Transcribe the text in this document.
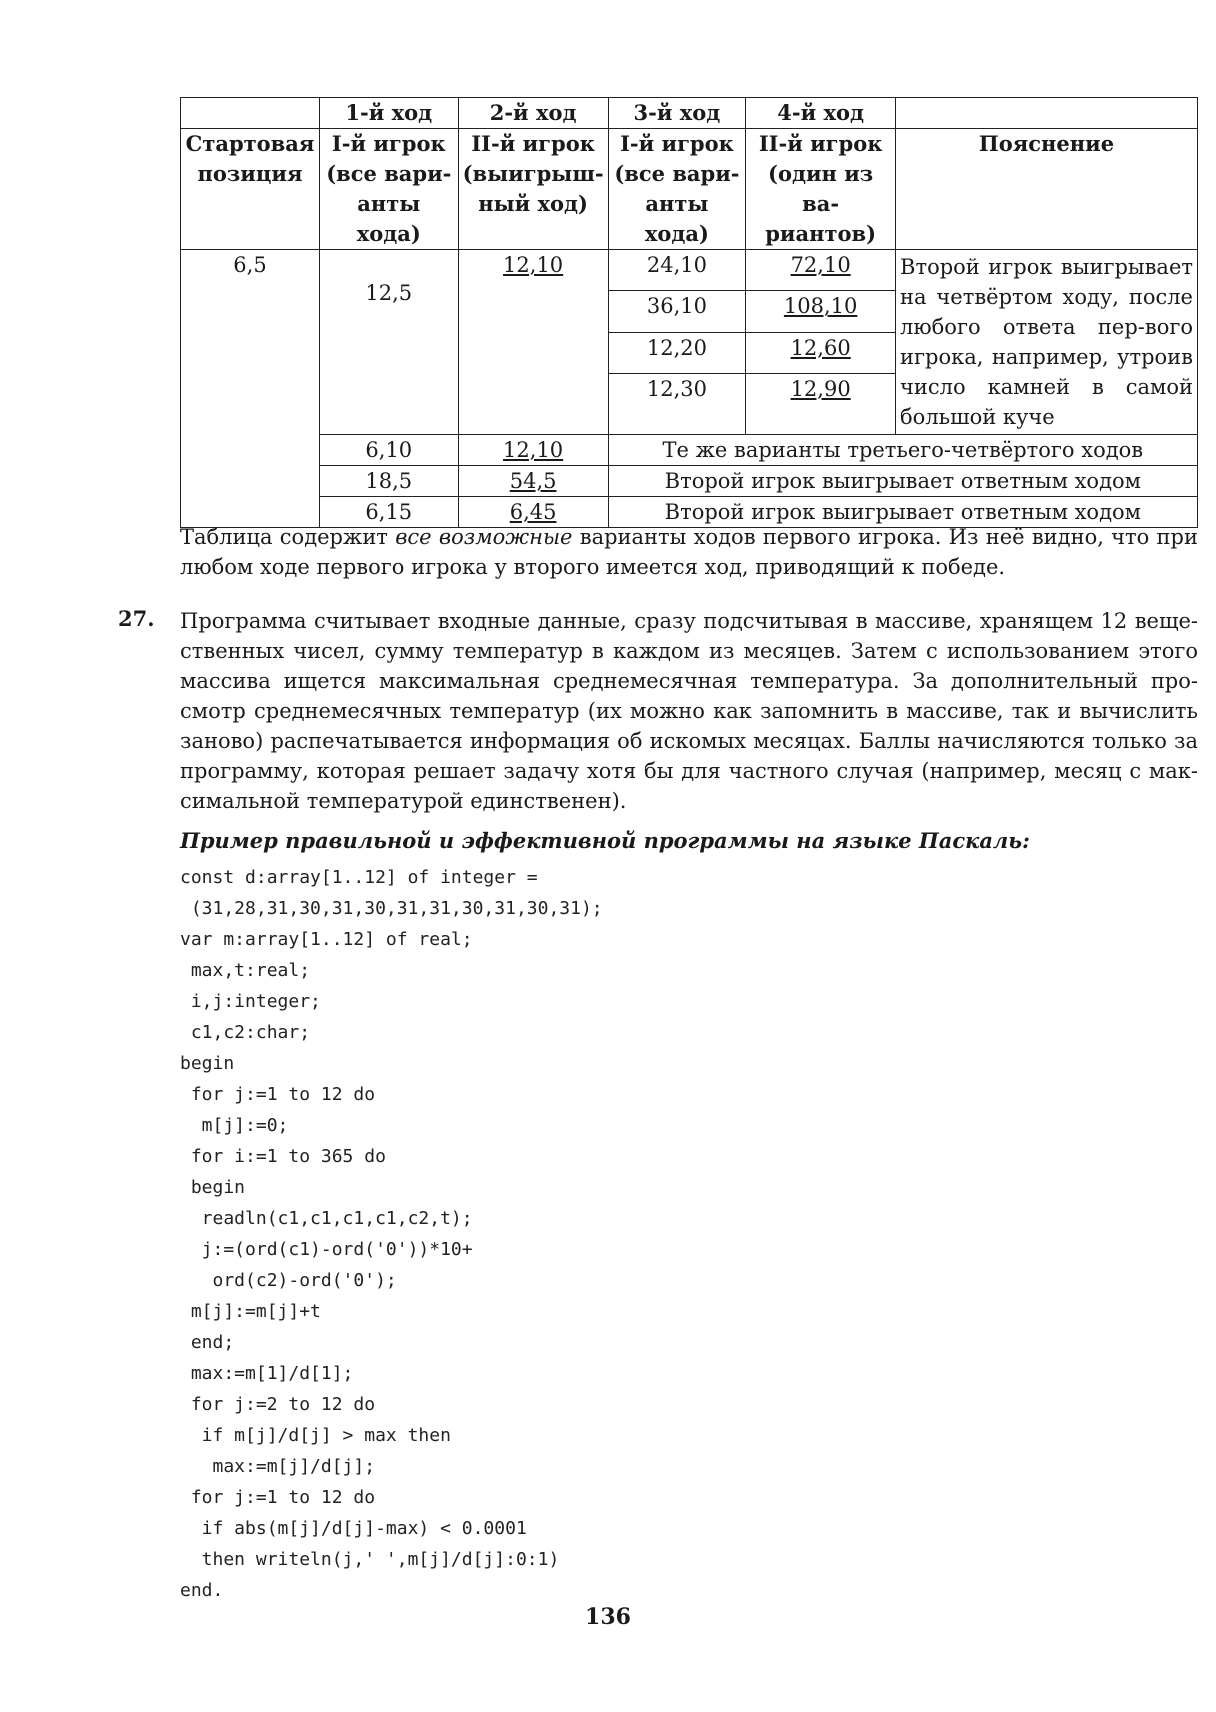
	1-й ход	2-й ход	3-й ход	4-й ход	
Стартовая позиция	I-й игрок (все вари-анты хода)	II-й игрок (выигрыш-ный ход)	I-й игрок (все вари-анты хода)	II-й игрок (один из ва-риантов)	Пояснение
6,5	12,5	12,10	24,10	72,10	Второй игрок выигрывает на четвёртом ходу, после любого ответа пер-вого игрока, например, утроив число камней в самой большой куче
			36,10	108,10	
			12,20	12,60	
			12,30	12,90	
	6,10	12,10	Те же варианты третьего-четвёртого ходов		
	18,5	54,5	Второй игрок выигрывает ответным ходом		
	6,15	6,45	Второй игрок выигрывает ответным ходом		
Таблица содержит все возможные варианты ходов первого игрока. Из неё видно, что при любом ходе первого игрока у второго имеется ход, приводящий к победе.
27. Программа считывает входные данные, сразу подсчитывая в массиве, хранящем 12 веще-ственных чисел, сумму температур в каждом из месяцев. Затем с использованием этого массива ищется максимальная среднемесячная температура. За дополнительный про-смотр среднемесячных температур (их можно как запомнить в массиве, так и вычислить заново) распечатывается информация об искомых месяцах. Баллы начисляются только за программу, которая решает задачу хотя бы для частного случая (например, месяц с мак-симальной температурой единственен).
Пример правильной и эффективной программы на языке Паскаль:
const d:array[1..12] of integer =
(31,28,31,30,31,30,31,31,30,31,30,31);
var m:array[1..12] of real;
max,t:real;
i,j:integer;
c1,c2:char;
begin
for j:=1 to 12 do
m[j]:=0;
for i:=1 to 365 do
begin
readln(c1,c1,c1,c1,c2,t);
j:=(ord(c1)-ord('0'))*10+
ord(c2)-ord('0');
m[j]:=m[j]+t
end;
max:=m[1]/d[1];
for j:=2 to 12 do
if m[j]/d[j] > max then
max:=m[j]/d[j];
for j:=1 to 12 do
if abs(m[j]/d[j]-max) < 0.0001
then writeln(j,' ',m[j]/d[j]:0:1)
end.
136
